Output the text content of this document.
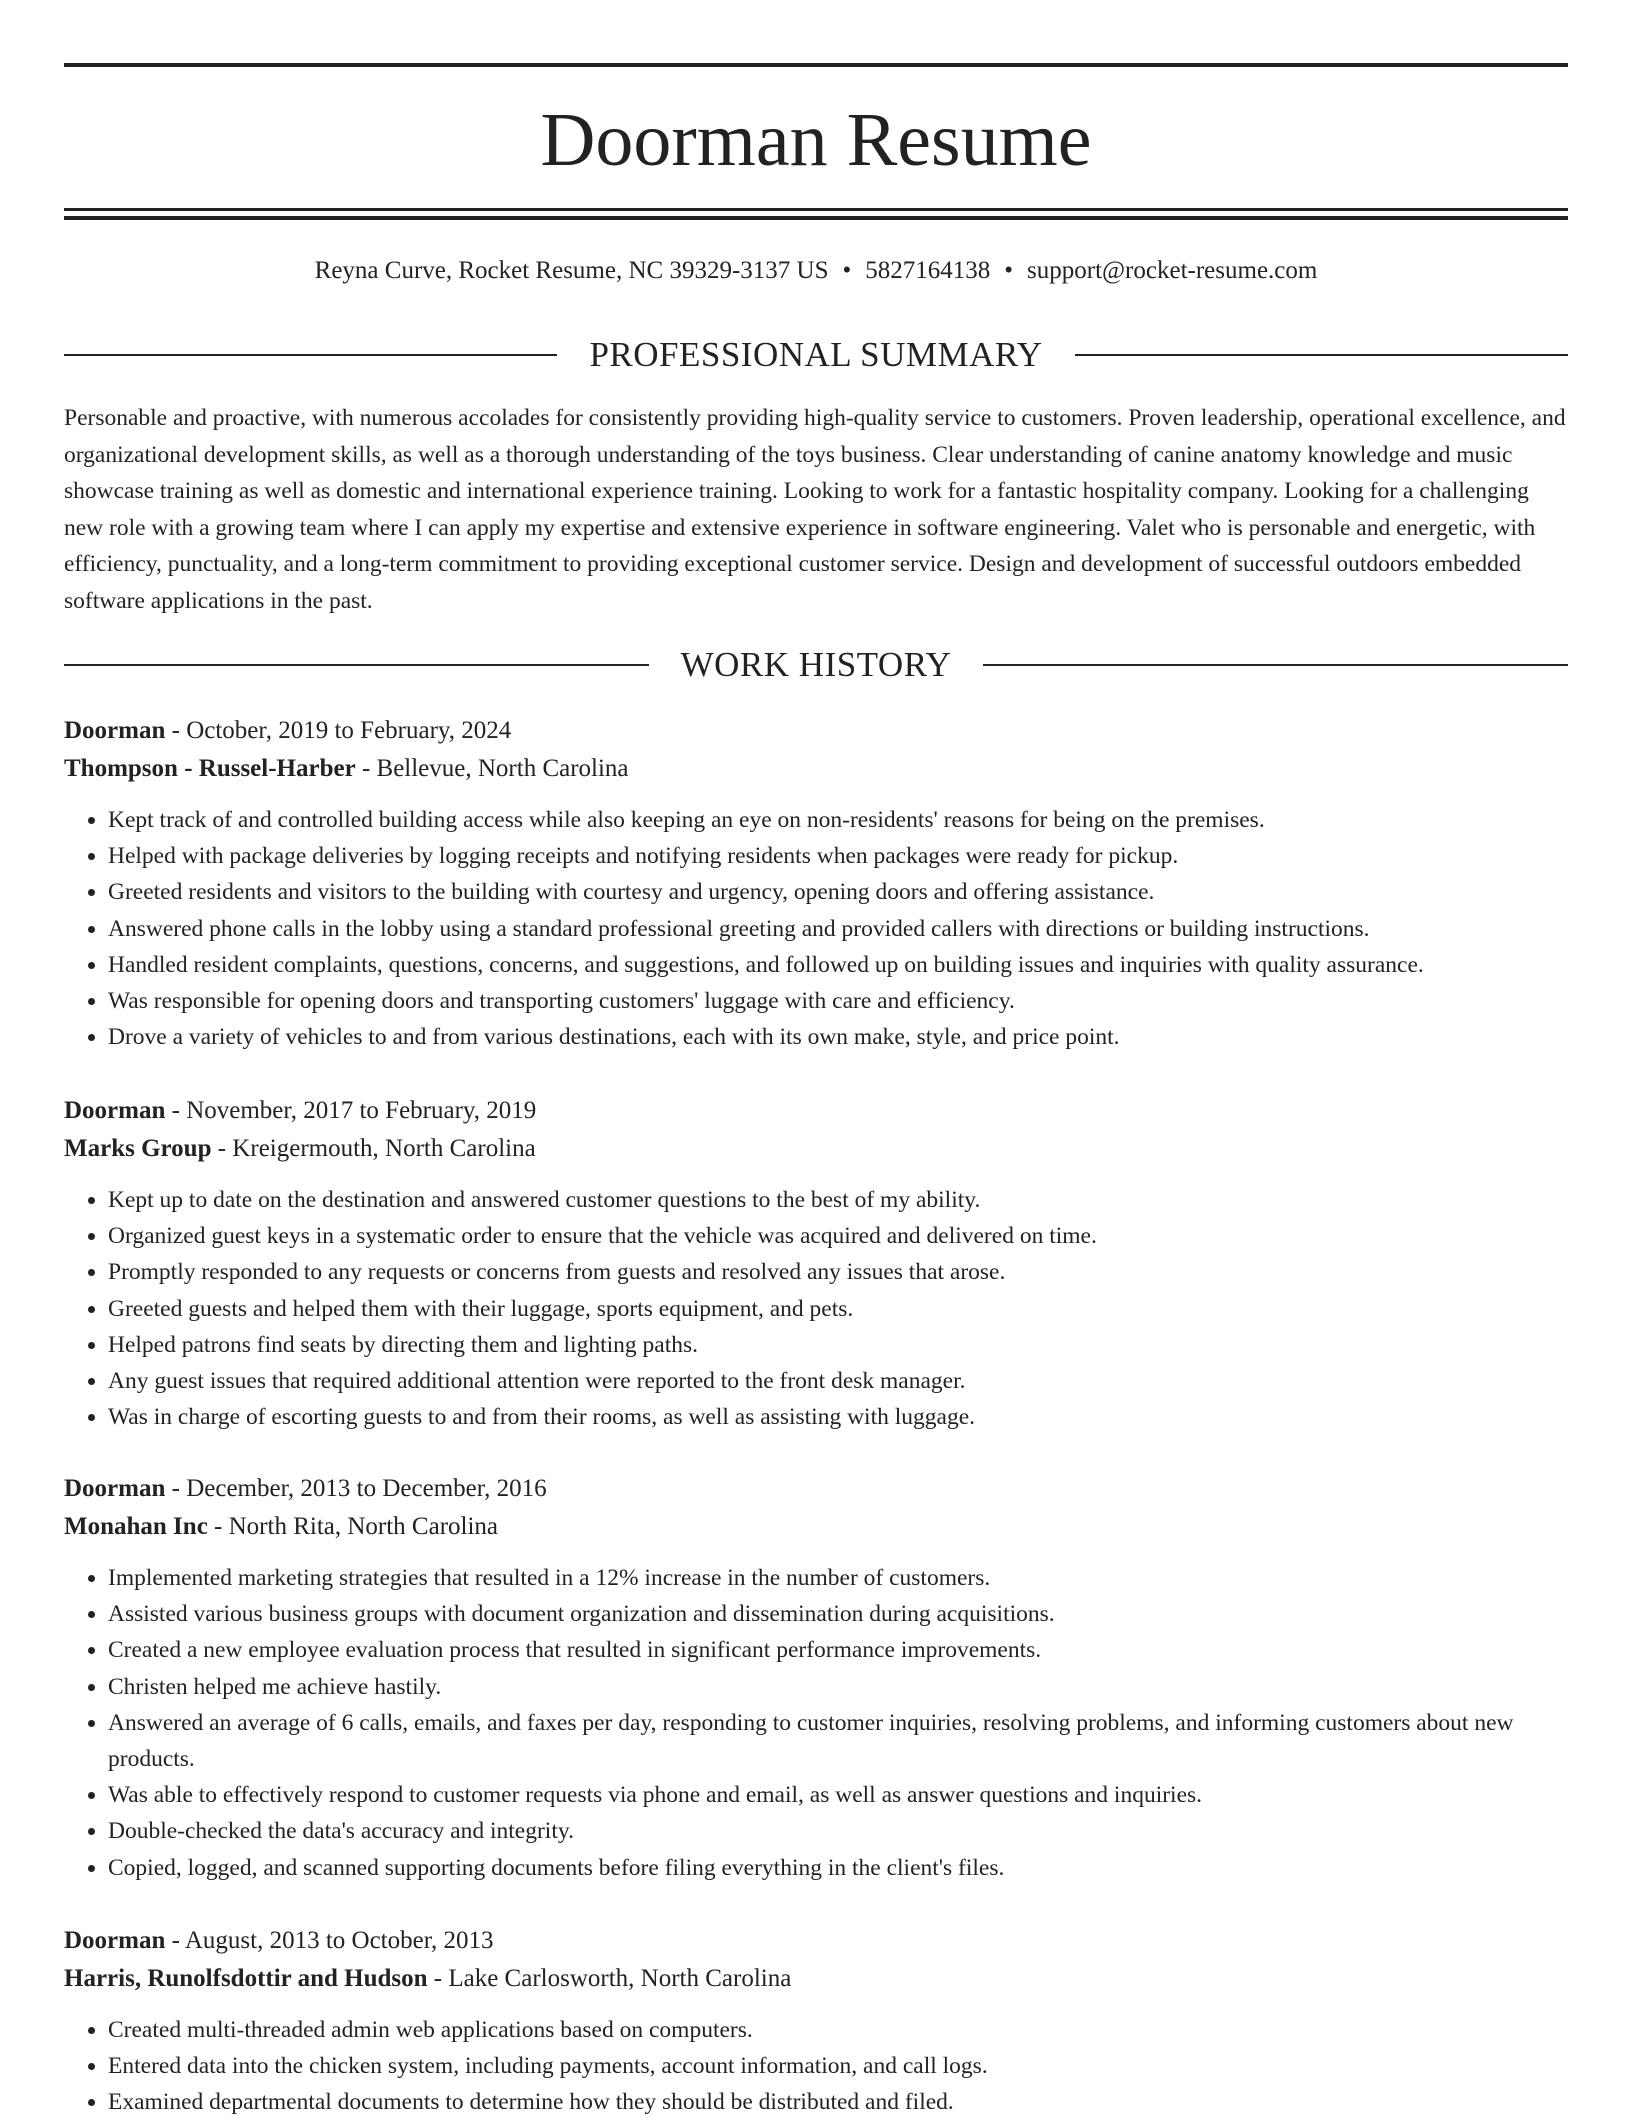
Doorman Resume
Reyna Curve, Rocket Resume, NC 39329-3137 US • 5827164138 • support@rocket-resume.com
PROFESSIONAL SUMMARY

Personable and proactive, with numerous accolades for consistently providing high-quality service to customers. Proven leadership, operational excellence, and organizational development skills, as well as a thorough understanding of the toys business. Clear understanding of canine anatomy knowledge and music showcase training as well as domestic and international experience training. Looking to work for a fantastic hospitality company. Looking for a challenging new role with a growing team where I can apply my expertise and extensive experience in software engineering. Valet who is personable and energetic, with efficiency, punctuality, and a long-term commitment to providing exceptional customer service. Design and development of successful outdoors embedded software applications in the past.

WORK HISTORY
Doorman - October, 2019 to February, 2024
Thompson - Russel-Harber - Bellevue, North Carolina
• Kept track of and controlled building access while also keeping an eye on non-residents' reasons for being on the premises.
• Helped with package deliveries by logging receipts and notifying residents when packages were ready for pickup.
• Greeted residents and visitors to the building with courtesy and urgency, opening doors and offering assistance.
• Answered phone calls in the lobby using a standard professional greeting and provided callers with directions or building instructions.
• Handled resident complaints, questions, concerns, and suggestions, and followed up on building issues and inquiries with quality assurance.
• Was responsible for opening doors and transporting customers' luggage with care and efficiency.
• Drove a variety of vehicles to and from various destinations, each with its own make, style, and price point.
Doorman - November, 2017 to February, 2019
Marks Group - Kreigermouth, North Carolina
• Kept up to date on the destination and answered customer questions to the best of my ability.
• Organized guest keys in a systematic order to ensure that the vehicle was acquired and delivered on time.
• Promptly responded to any requests or concerns from guests and resolved any issues that arose.
• Greeted guests and helped them with their luggage, sports equipment, and pets.
• Helped patrons find seats by directing them and lighting paths.
• Any guest issues that required additional attention were reported to the front desk manager.
• Was in charge of escorting guests to and from their rooms, as well as assisting with luggage.
Doorman - December, 2013 to December, 2016
Monahan Inc - North Rita, North Carolina
• Implemented marketing strategies that resulted in a 12% increase in the number of customers.
• Assisted various business groups with document organization and dissemination during acquisitions.
• Created a new employee evaluation process that resulted in significant performance improvements.
• Christen helped me achieve hastily.
• Answered an average of 6 calls, emails, and faxes per day, responding to customer inquiries, resolving problems, and informing customers about new products.
• Was able to effectively respond to customer requests via phone and email, as well as answer questions and inquiries.
• Double-checked the data's accuracy and integrity.
• Copied, logged, and scanned supporting documents before filing everything in the client's files.
Doorman - August, 2013 to October, 2013
Harris, Runolfsdottir and Hudson - Lake Carlosworth, North Carolina
• Created multi-threaded admin web applications based on computers.
• Entered data into the chicken system, including payments, account information, and call logs.
• Examined departmental documents to determine how they should be distributed and filed.
